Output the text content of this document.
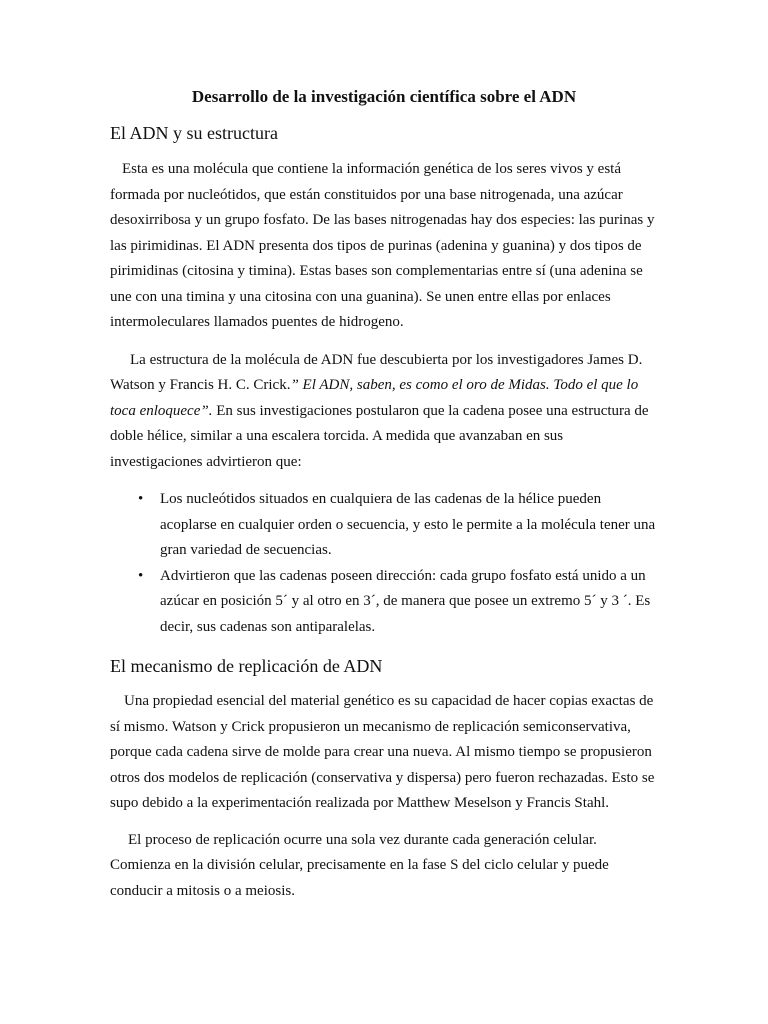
Desarrollo de la investigación científica sobre el ADN
El ADN y su estructura

Esta es una molécula que contiene la información genética de los seres vivos y está formada por nucleótidos, que están constituidos por una base nitrogenada, una azúcar desoxirribosa y un grupo fosfato. De las bases nitrogenadas hay dos especies: las purinas y las pirimidinas. El ADN presenta dos tipos de purinas (adenina y guanina) y dos tipos de pirimidinas (citosina y timina). Estas bases son complementarias entre sí (una adenina se une con una timina y una citosina con una guanina). Se unen entre ellas por enlaces intermoleculares llamados puentes de hidrogeno.

La estructura de la molécula de ADN fue descubierta por los investigadores James D. Watson y Francis H. C. Crick.” El ADN, saben, es como el oro de Midas. Todo el que lo toca enloquece”. En sus investigaciones postularon que la cadena posee una estructura de doble hélice, similar a una escalera torcida. A medida que avanzaban en sus investigaciones advirtieron que:

• Los nucleótidos situados en cualquiera de las cadenas de la hélice pueden acoplarse en cualquier orden o secuencia, y esto le permite a la molécula tener una gran variedad de secuencias.
• Advirtieron que las cadenas poseen dirección: cada grupo fosfato está unido a un azúcar en posición 5´ y al otro en 3´, de manera que posee un extremo 5´ y 3 ´. Es decir, sus cadenas son antiparalelas.
El mecanismo de replicación de ADN

Una propiedad esencial del material genético es su capacidad de hacer copias exactas de sí mismo. Watson y Crick propusieron un mecanismo de replicación semiconservativa, porque cada cadena sirve de molde para crear una nueva. Al mismo tiempo se propusieron otros dos modelos de replicación (conservativa y dispersa) pero fueron rechazadas. Esto se supo debido a la experimentación realizada por Matthew Meselson y Francis Stahl.

El proceso de replicación ocurre una sola vez durante cada generación celular. Comienza en la división celular, precisamente en la fase S del ciclo celular y puede conducir a mitosis o a meiosis.
